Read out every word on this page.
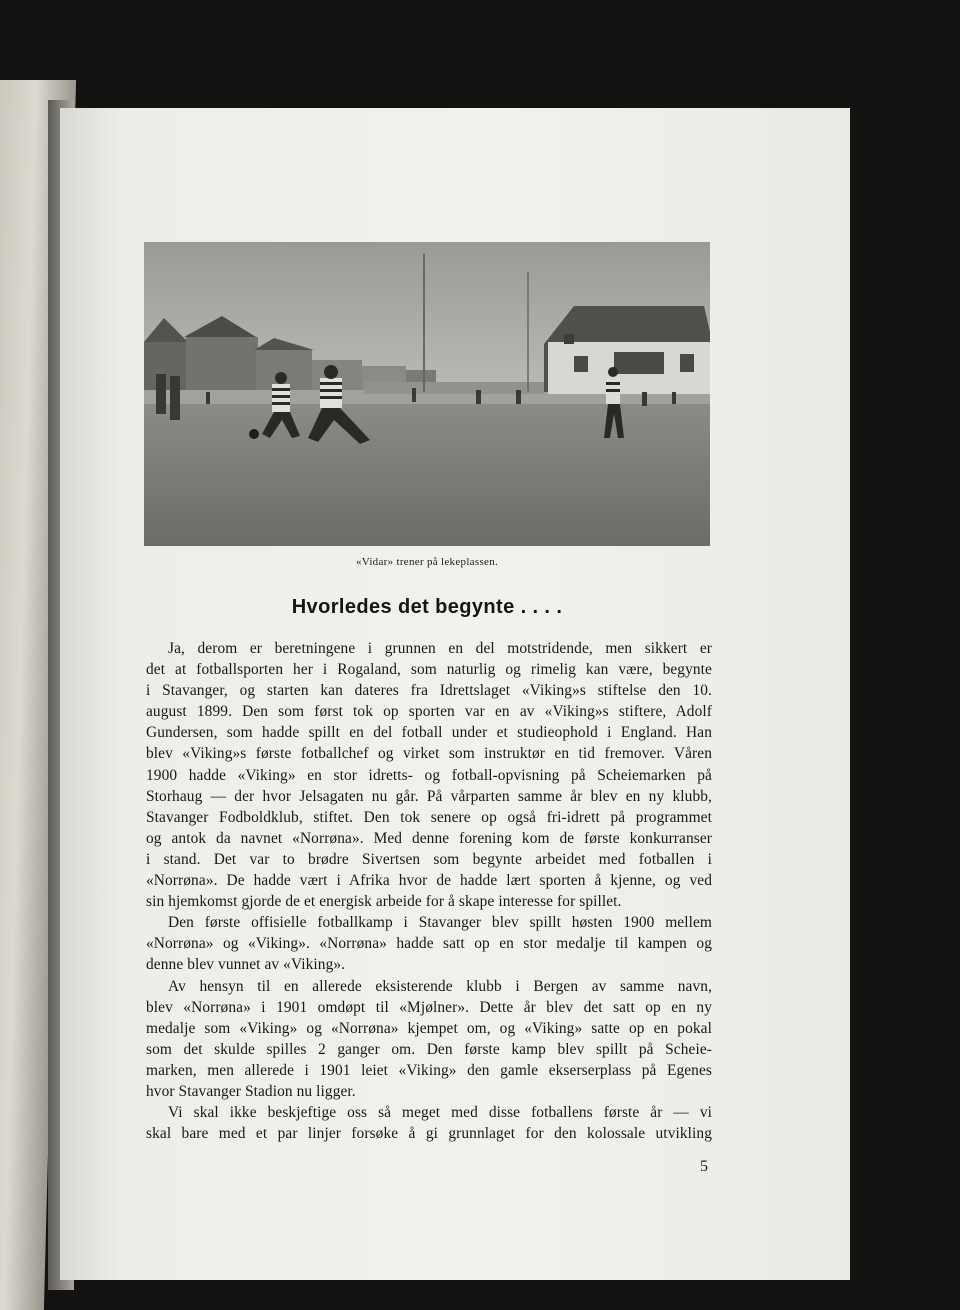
«Vidar» trener på lekeplassen.
Hvorledes det begynte . . . .
Ja, derom er beretningene i grunnen en del motstridende, men sikkert er
det at fotballsporten her i Rogaland, som naturlig og rimelig kan være, begynte
i Stavanger, og starten kan dateres fra Idrettslaget «Viking»s stiftelse den 10.
august 1899. Den som først tok op sporten var en av «Viking»s stiftere, Adolf
Gundersen, som hadde spillt en del fotball under et studieophold i England. Han
blev «Viking»s første fotballchef og virket som instruktør en tid fremover. Våren
1900 hadde «Viking» en stor idretts- og fotball-opvisning på Scheiemarken på
Storhaug — der hvor Jelsagaten nu går. På vårparten samme år blev en ny klubb,
Stavanger Fodboldklub, stiftet. Den tok senere op også fri-idrett på programmet
og antok da navnet «Norrøna». Med denne forening kom de første konkurranser
i stand. Det var to brødre Sivertsen som begynte arbeidet med fotballen i
«Norrøna». De hadde vært i Afrika hvor de hadde lært sporten å kjenne, og ved
sin hjemkomst gjorde de et energisk arbeide for å skape interesse for spillet.
Den første offisielle fotballkamp i Stavanger blev spillt høsten 1900 mellem
«Norrøna» og «Viking». «Norrøna» hadde satt op en stor medalje til kampen og
denne blev vunnet av «Viking».
Av hensyn til en allerede eksisterende klubb i Bergen av samme navn,
blev «Norrøna» i 1901 omdøpt til «Mjølner». Dette år blev det satt op en ny
medalje som «Viking» og «Norrøna» kjempet om, og «Viking» satte op en pokal
som det skulde spilles 2 ganger om. Den første kamp blev spillt på Scheie-
marken, men allerede i 1901 leiet «Viking» den gamle ekserserplass på Egenes
hvor Stavanger Stadion nu ligger.
Vi skal ikke beskjeftige oss så meget med disse fotballens første år — vi
skal bare med et par linjer forsøke å gi grunnlaget for den kolossale utvikling
5
